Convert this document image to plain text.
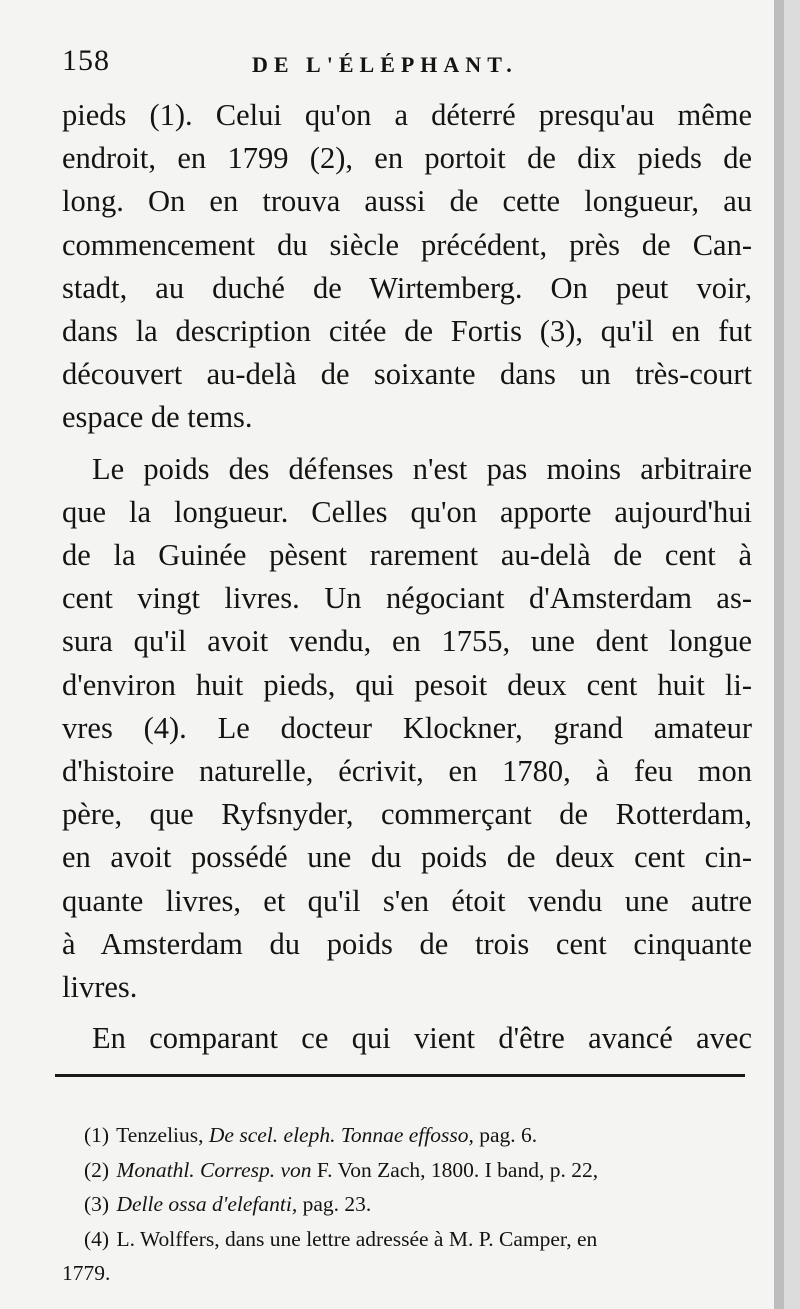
158	DE L'ÉLÉPHANT.
pieds (1). Celui qu'on a déterré presqu'au même
endroit, en 1799 (2), en portoit de dix pieds de
long. On en trouva aussi de cette longueur, au
commencement du siècle précédent, près de Can-
stadt, au duché de Wirtemberg. On peut voir,
dans la description citée de Fortis (3), qu'il en fut
découvert au-delà de soixante dans un très-court
espace de tems.
Le poids des défenses n'est pas moins arbitraire
que la longueur. Celles qu'on apporte aujourd'hui
de la Guinée pèsent rarement au-delà de cent à
cent vingt livres. Un négociant d'Amsterdam as-
sura qu'il avoit vendu, en 1755, une dent longue
d'environ huit pieds, qui pesoit deux cent huit li-
vres (4). Le docteur Klockner, grand amateur
d'histoire naturelle, écrivit, en 1780, à feu mon
père, que Ryfsnyder, commerçant de Rotterdam,
en avoit possédé une du poids de deux cent cin-
quante livres, et qu'il s'en étoit vendu une autre
à Amsterdam du poids de trois cent cinquante
livres.
En comparant ce qui vient d'être avancé avec
(1) Tenzelius, De scel. eleph. Tonnae effosso, pag. 6.
(2) Monathl. Corresp. von F. Von Zach, 1800. I band, p. 22,
(3) Delle ossa d'elefanti, pag. 23.
(4) L. Wolffers, dans une lettre adressée à M. P. Camper, en
1779.
